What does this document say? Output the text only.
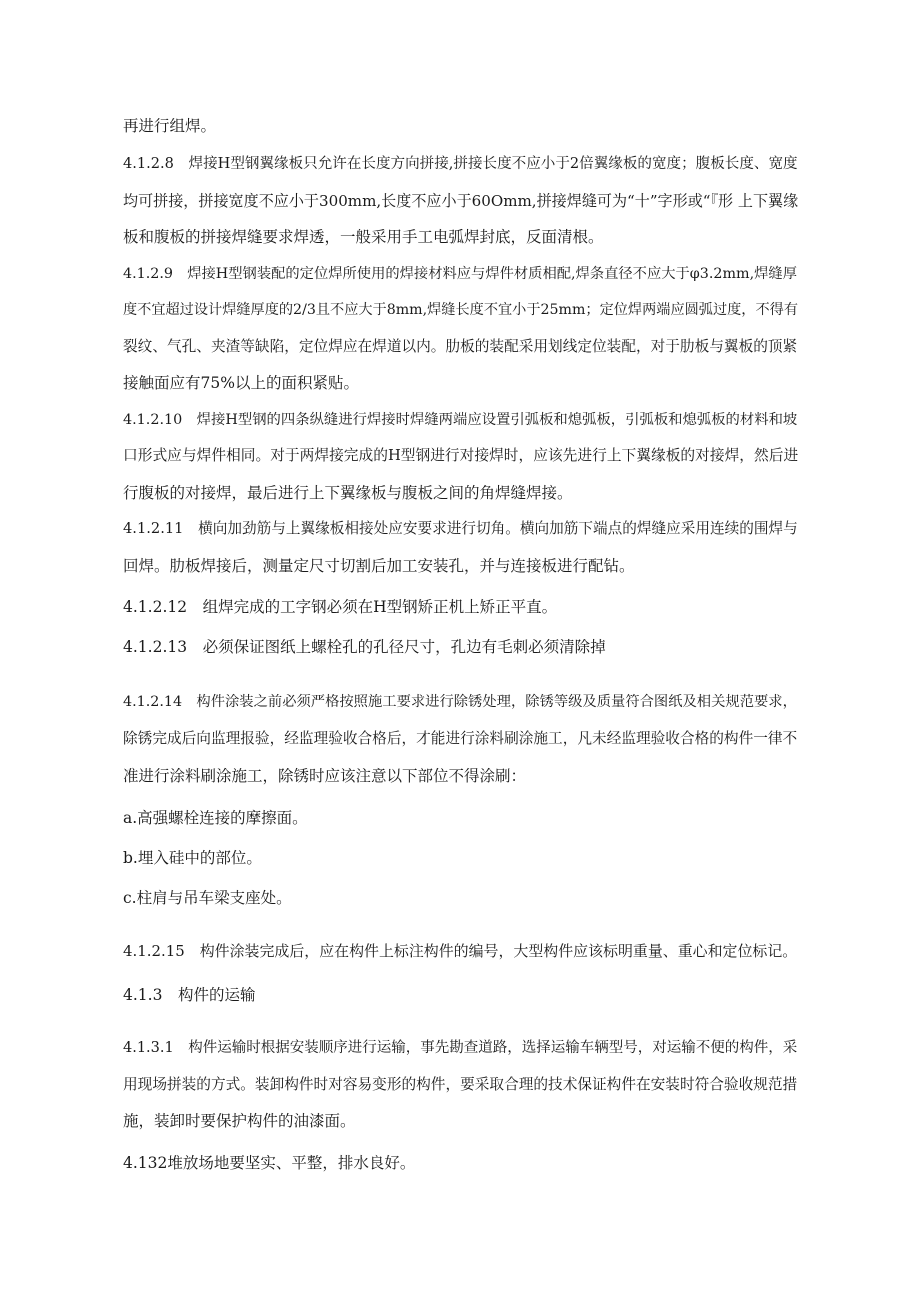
再进行组焊。
4.1.2.8　焊接H型钢翼缘板只允许在长度方向拼接,拼接长度不应小于2倍翼缘板的宽度；腹板长度、宽度
均可拼接，拼接宽度不应小于300mm,长度不应小于60Omm,拼接焊缝可为“十”字形或“『形 上下翼缘
板和腹板的拼接焊缝要求焊透，一般采用手工电弧焊封底，反面清根。
4.1.2.9　焊接H型钢装配的定位焊所使用的焊接材料应与焊件材质相配,焊条直径不应大于φ3.2mm,焊缝厚
度不宜超过设计焊缝厚度的2/3且不应大于8mm,焊缝长度不宜小于25mm；定位焊两端应圆弧过度，不得有
裂纹、气孔、夹渣等缺陷，定位焊应在焊道以内。肋板的装配采用划线定位装配，对于肋板与翼板的顶紧
接触面应有75%以上的面积紧贴。
4.1.2.10　焊接H型钢的四条纵缝进行焊接时焊缝两端应设置引弧板和熄弧板，引弧板和熄弧板的材料和坡
口形式应与焊件相同。对于两焊接完成的H型钢进行对接焊时，应该先进行上下翼缘板的对接焊，然后进
行腹板的对接焊，最后进行上下翼缘板与腹板之间的角焊缝焊接。
4.1.2.11　横向加劲筋与上翼缘板相接处应安要求进行切角。横向加筋下端点的焊缝应采用连续的围焊与
回焊。肋板焊接后，测量定尺寸切割后加工安装孔，并与连接板进行配钻。
4.1.2.12　组焊完成的工字钢必须在H型钢矫正机上矫正平直。
4.1.2.13　必须保证图纸上螺栓孔的孔径尺寸，孔边有毛刺必须清除掉
4.1.2.14　构件涂装之前必须严格按照施工要求进行除锈处理，除锈等级及质量符合图纸及相关规范要求，
除锈完成后向监理报验，经监理验收合格后，才能进行涂料刷涂施工，凡未经监理验收合格的构件一律不
准进行涂料刷涂施工，除锈时应该注意以下部位不得涂刷：
a.高强螺栓连接的摩擦面。
b.埋入硅中的部位。
c.柱肩与吊车梁支座处。
4.1.2.15　构件涂装完成后，应在构件上标注构件的编号，大型构件应该标明重量、重心和定位标记。
4.1.3　构件的运输
4.1.3.1　构件运输时根据安装顺序进行运输，事先勘查道路，选择运输车辆型号，对运输不便的构件，采
用现场拼装的方式。装卸构件时对容易变形的构件，要采取合理的技术保证构件在安装时符合验收规范措
施，装卸时要保护构件的油漆面。
4.132堆放场地要坚实、平整，排水良好。
